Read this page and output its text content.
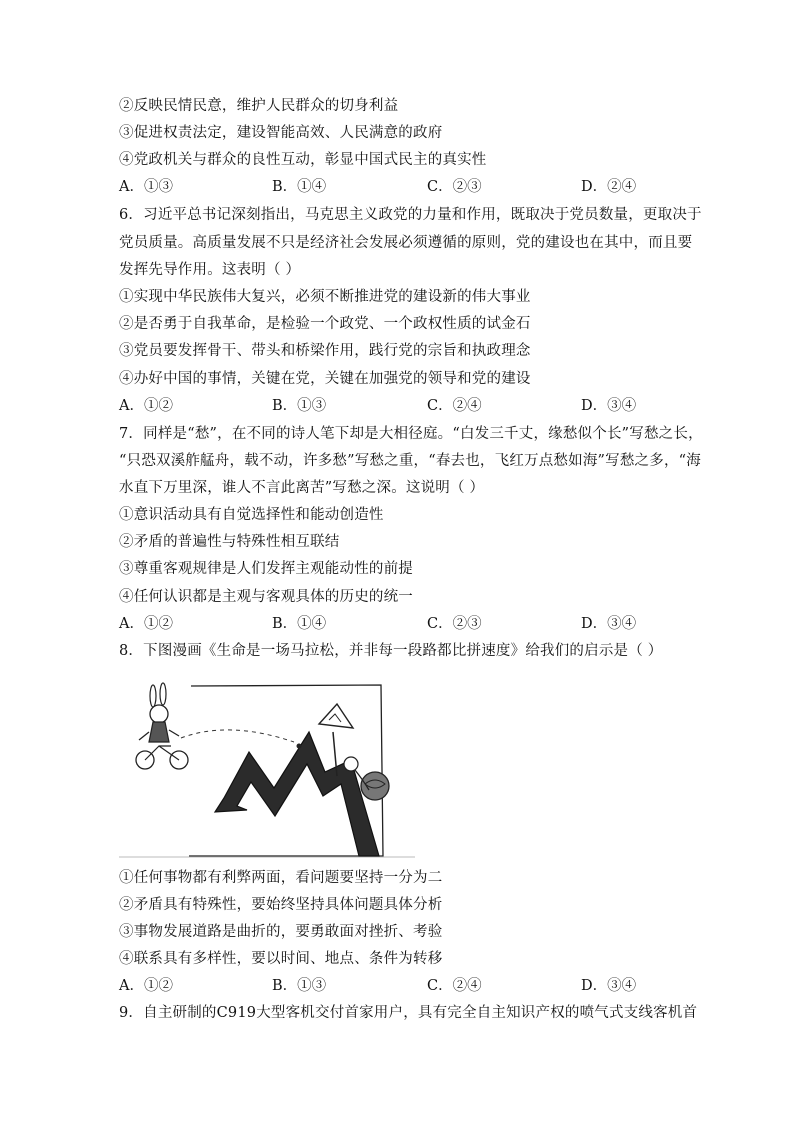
②反映民情民意，维护人民群众的切身利益
③促进权责法定，建设智能高效、人民满意的政府
④党政机关与群众的良性互动，彰显中国式民主的真实性
A．①③	B．①④	C．②③	D．②④
6．习近平总书记深刻指出，马克思主义政党的力量和作用，既取决于党员数量，更取决于
党员质量。高质量发展不只是经济社会发展必须遵循的原则，党的建设也在其中，而且要
发挥先导作用。这表明（ ）
①实现中华民族伟大复兴，必须不断推进党的建设新的伟大事业
②是否勇于自我革命，是检验一个政党、一个政权性质的试金石
③党员要发挥骨干、带头和桥梁作用，践行党的宗旨和执政理念
④办好中国的事情，关键在党，关键在加强党的领导和党的建设
A．①②	B．①③	C．②④	D．③④
7．同样是“愁”，在不同的诗人笔下却是大相径庭。“白发三千丈，缘愁似个长”写愁之长，
“只恐双溪舴艋舟，载不动，许多愁”写愁之重，“春去也，飞红万点愁如海”写愁之多，“海
水直下万里深，谁人不言此离苦”写愁之深。这说明（ ）
①意识活动具有自觉选择性和能动创造性
②矛盾的普遍性与特殊性相互联结
③尊重客观规律是人们发挥主观能动性的前提
④任何认识都是主观与客观具体的历史的统一
A．①②	B．①④	C．②③	D．③④
8．下图漫画《生命是一场马拉松，并非每一段路都比拼速度》给我们的启示是（ ）
①任何事物都有利弊两面，看问题要坚持一分为二
②矛盾具有特殊性，要始终坚持具体问题具体分析
③事物发展道路是曲折的，要勇敢面对挫折、考验
④联系具有多样性，要以时间、地点、条件为转移
A．①②	B．①③	C．②④	D．③④
9．自主研制的C919大型客机交付首家用户，具有完全自主知识产权的喷气式支线客机首
